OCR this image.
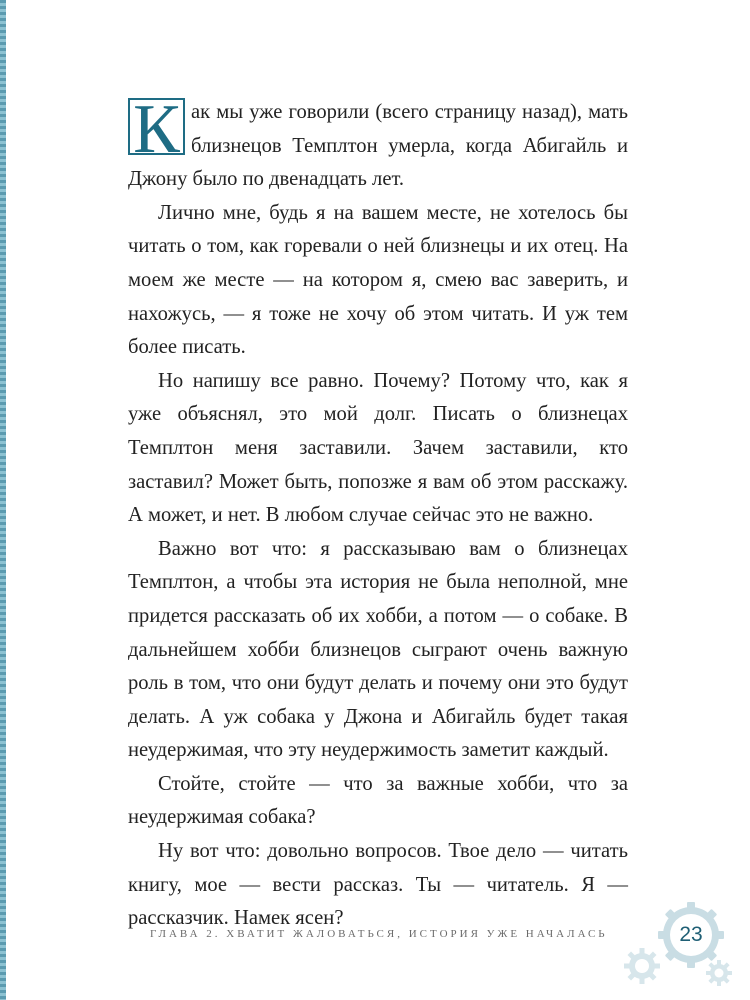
К ак мы уже говорили (всего страницу назад), мать близнецов Темплтон умерла, когда Абигайль и Джону было по двенадцать лет.

Лично мне, будь я на вашем месте, не хотелось бы читать о том, как горевали о ней близнецы и их отец. На моем же месте — на котором я, смею вас заверить, и нахожусь, — я тоже не хочу об этом читать. И уж тем более писать.

Но напишу все равно. Почему? Потому что, как я уже объяснял, это мой долг. Писать о близнецах Темплтон меня заставили. Зачем заставили, кто заставил? Может быть, попозже я вам об этом расскажу. А может, и нет. В любом случае сейчас это не важно.

Важно вот что: я рассказываю вам о близнецах Темплтон, а чтобы эта история не была неполной, мне придется рассказать об их хобби, а потом — о собаке. В дальнейшем хобби близнецов сыграют очень важную роль в том, что они будут делать и почему они это будут делать. А уж собака у Джона и Абигайль будет такая неудержимая, что эту неудержимость заметит каждый.

Стойте, стойте — что за важные хобби, что за неудержимая собака?

Ну вот что: довольно вопросов. Твое дело — читать книгу, мое — вести рассказ. Ты — читатель. Я — рассказчик. Намек ясен?

ГЛАВА 2. ХВАТИТ ЖАЛОВАТЬСЯ, ИСТОРИЯ УЖЕ НАЧАЛАСЬ	23
